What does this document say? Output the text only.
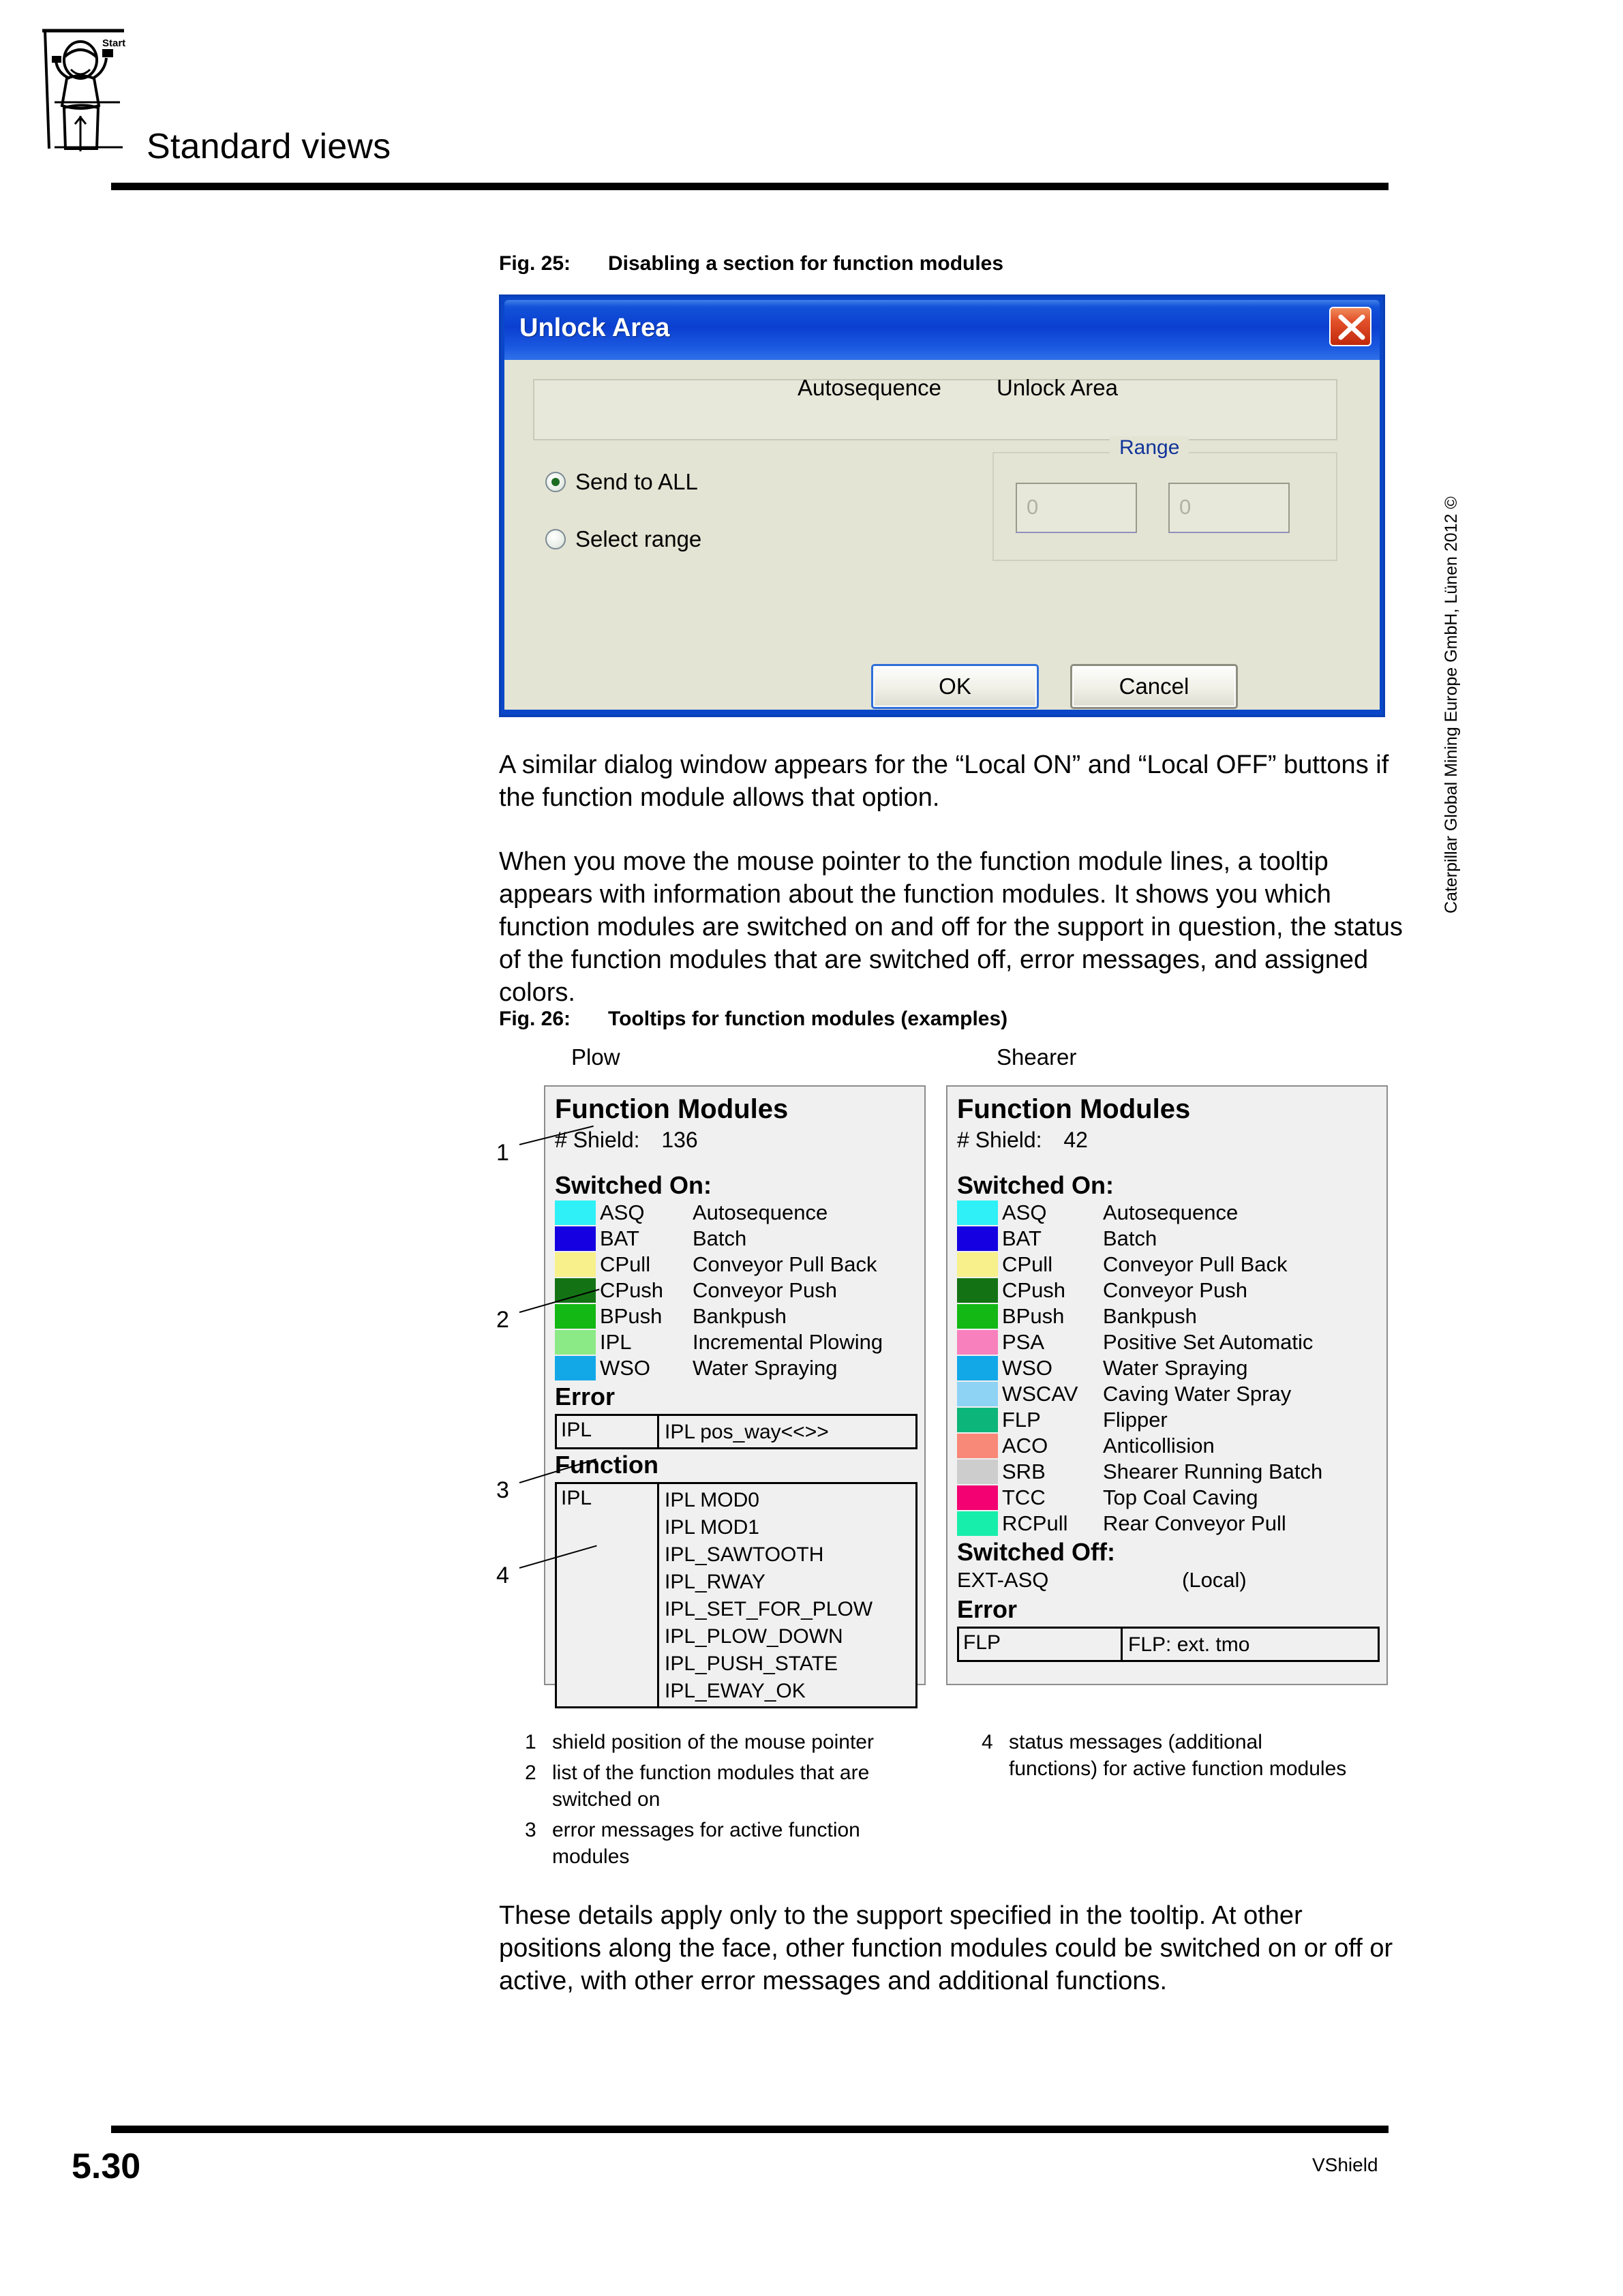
Start
Standard views
Fig. 25: Disabling a section for function modules
Unlock Area
Autosequence Unlock Area
Send to ALL
Select range
Range
0	0
OK	Cancel
A similar dialog window appears for the “Local ON” and “Local OFF” buttons if the function module allows that option.
When you move the mouse pointer to the function module lines, a tooltip appears with information about the function modules. It shows you which function modules are switched on and off for the support in question, the status of the function modules that are switched off, error messages, and assigned colors.
Fig. 26: Tooltips for function modules (examples)
Plow	Shearer
Function Modules
# Shield: 136
Switched On:
ASQ	Autosequence
BAT	Batch
CPull	Conveyor Pull Back
CPush	Conveyor Push
BPush	Bankpush
IPL	Incremental Plowing
WSO	Water Spraying
Error
IPL	IPL pos_way<<>>
Function
IPL	IPL MOD0
IPL MOD1
IPL_SAWTOOTH
IPL_RWAY
IPL_SET_FOR_PLOW
IPL_PLOW_DOWN
IPL_PUSH_STATE
IPL_EWAY_OK
Function Modules
# Shield: 42
Switched On:
ASQ	Autosequence
BAT	Batch
CPull	Conveyor Pull Back
CPush	Conveyor Push
BPush	Bankpush
PSA	Positive Set Automatic
WSO	Water Spraying
WSCAV	Caving Water Spray
FLP	Flipper
ACO	Anticollision
SRB	Shearer Running Batch
TCC	Top Coal Caving
RCPull	Rear Conveyor Pull
Switched Off:
EXT-ASQ	(Local)
Error
FLP	FLP: ext. tmo
1
2
3
4
1 shield position of the mouse pointer
2 list of the function modules that are switched on
3 error messages for active function modules
4 status messages (additional functions) for active function modules
These details apply only to the support specified in the tooltip. At other positions along the face, other function modules could be switched on or off or active, with other error messages and additional functions.
Caterpillar Global Mining Europe GmbH, Lünen 2012 ©
5.30	VShield
